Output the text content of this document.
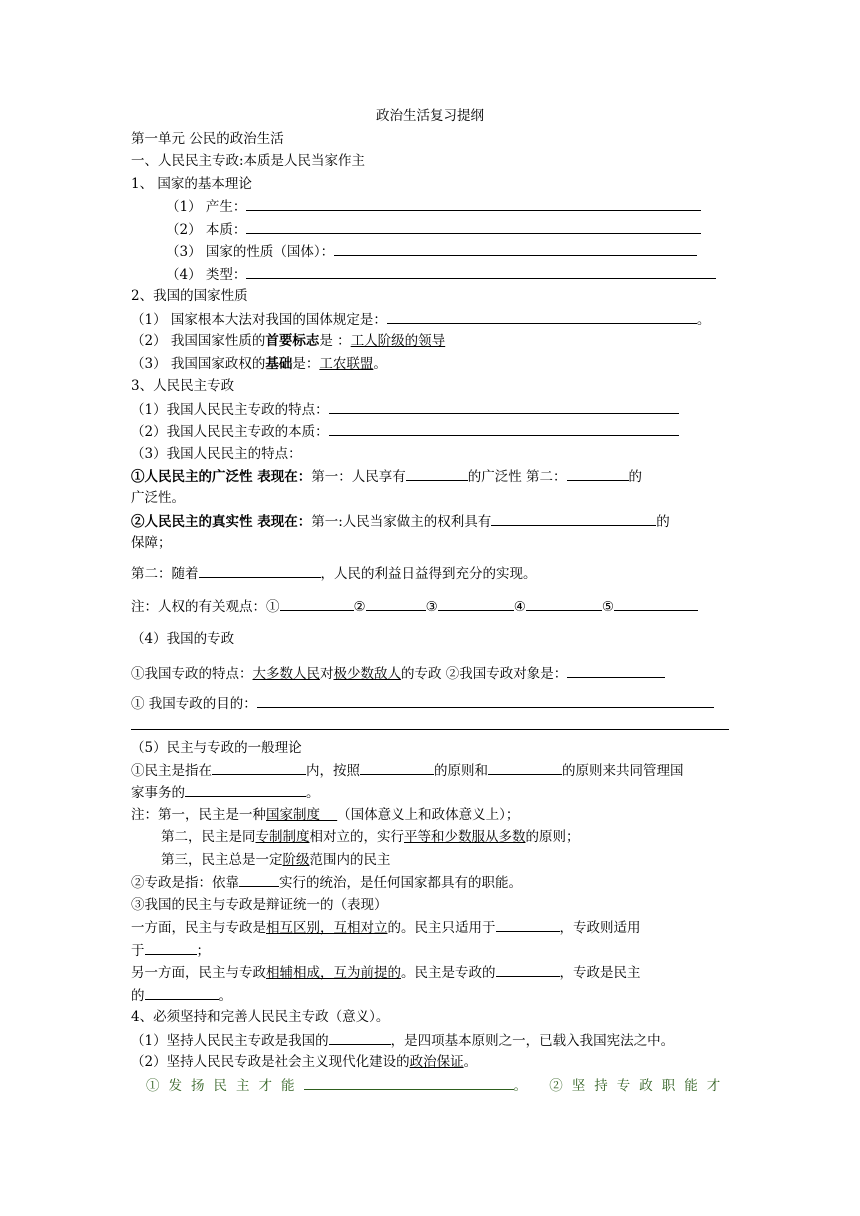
政治生活复习提纲
第一单元 公民的政治生活
一、人民民主专政:本质是人民当家作主
1、 国家的基本理论
（1） 产生：
（2） 本质：
（3） 国家的性质（国体）：
（4） 类型：
2、我国的国家性质
（1） 国家根本大法对我国的国体规定是：	。
（2） 我国国家性质的首要标志是 ：工人阶级的领导
（3） 我国国家政权的基础是：工农联盟。
3、人民民主专政
（1）我国人民民主专政的特点：
（2）我国人民民主专政的本质：
（3）我国人民民主的特点：
①人民民主的广泛性 表现在：第一：人民享有	的广泛性 第二：	的
广泛性。
②人民民主的真实性 表现在：第一:人民当家做主的权利具有	的
保障；
第二：随着	，人民的利益日益得到充分的实现。
注：人权的有关观点：①	②	③	④	⑤
（4）我国的专政
①我国专政的特点：大多数人民对极少数敌人的专政 ②我国专政对象是：
① 我国专政的目的：
（5）民主与专政的一般理论
①民主是指在	内，按照	的原则和	的原则来共同管理国
家事务的	。
注：第一，民主是一种国家制度    （国体意义上和政体意义上）；
第二，民主是同专制制度相对立的，实行平等和少数服从多数的原则；
第三，民主总是一定阶级范围内的民主
②专政是指：依靠	实行的统治，是任何国家都具有的职能。
③我国的民主与专政是辩证统一的（表现）
一方面，民主与专政是相互区别，互相对立的。民主只适用于	，专政则适用
于	；
另一方面，民主与专政相辅相成，互为前提的。民主是专政的	，专政是民主
的	。
4、必须坚持和完善人民民主专政（意义）。
（1）坚持人民民主专政是我国的	，是四项基本原则之一，已载入我国宪法之中。
（2）坚持人民民专政是社会主义现代化建设的政治保证。
①发扬民主才能	。 ②坚持专政职能才
